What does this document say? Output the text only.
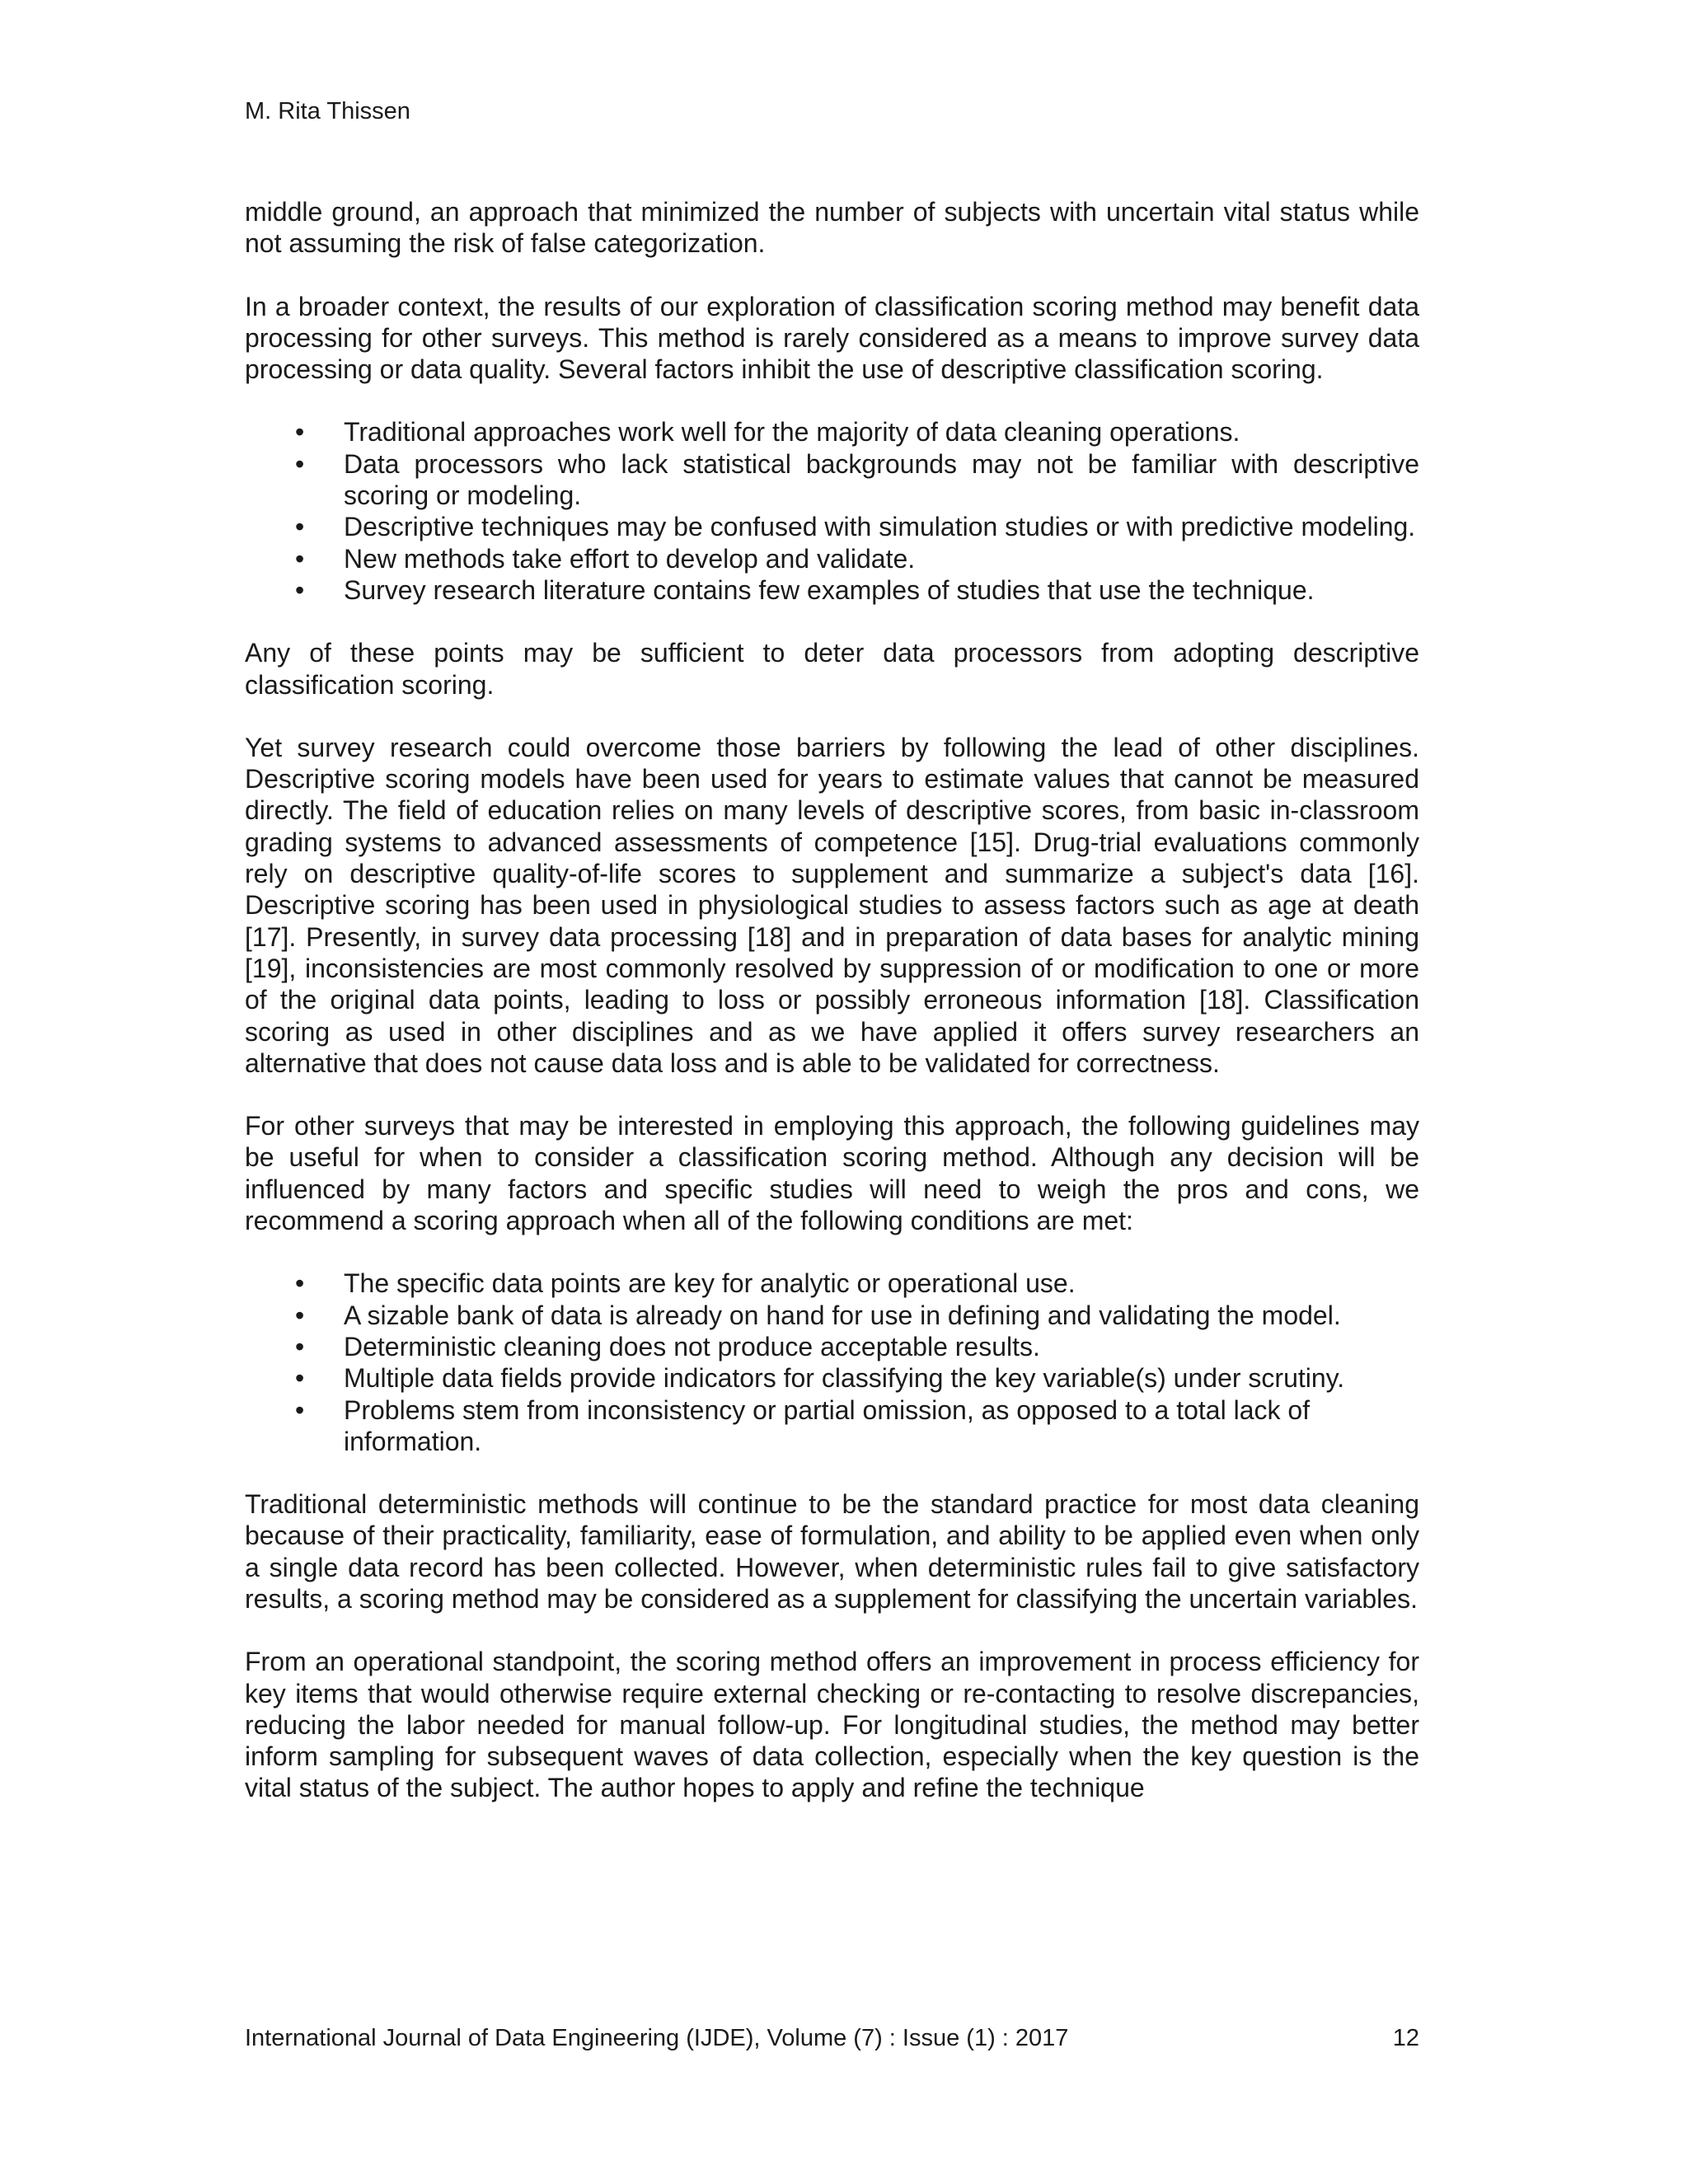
M. Rita Thissen

middle ground, an approach that minimized the number of subjects with uncertain vital status while not assuming the risk of false categorization.

In a broader context, the results of our exploration of classification scoring method may benefit data processing for other surveys. This method is rarely considered as a means to improve survey data processing or data quality. Several factors inhibit the use of descriptive classification scoring.

• Traditional approaches work well for the majority of data cleaning operations.
• Data processors who lack statistical backgrounds may not be familiar with descriptive scoring or modeling.
• Descriptive techniques may be confused with simulation studies or with predictive modeling.
• New methods take effort to develop and validate.
• Survey research literature contains few examples of studies that use the technique.

Any of these points may be sufficient to deter data processors from adopting descriptive classification scoring.

Yet survey research could overcome those barriers by following the lead of other disciplines. Descriptive scoring models have been used for years to estimate values that cannot be measured directly. The field of education relies on many levels of descriptive scores, from basic in-classroom grading systems to advanced assessments of competence [15]. Drug-trial evaluations commonly rely on descriptive quality-of-life scores to supplement and summarize a subject's data [16]. Descriptive scoring has been used in physiological studies to assess factors such as age at death [17]. Presently, in survey data processing [18] and in preparation of data bases for analytic mining [19], inconsistencies are most commonly resolved by suppression of or modification to one or more of the original data points, leading to loss or possibly erroneous information [18]. Classification scoring as used in other disciplines and as we have applied it offers survey researchers an alternative that does not cause data loss and is able to be validated for correctness.

For other surveys that may be interested in employing this approach, the following guidelines may be useful for when to consider a classification scoring method. Although any decision will be influenced by many factors and specific studies will need to weigh the pros and cons, we recommend a scoring approach when all of the following conditions are met:

• The specific data points are key for analytic or operational use.
• A sizable bank of data is already on hand for use in defining and validating the model.
• Deterministic cleaning does not produce acceptable results.
• Multiple data fields provide indicators for classifying the key variable(s) under scrutiny.
• Problems stem from inconsistency or partial omission, as opposed to a total lack of information.

Traditional deterministic methods will continue to be the standard practice for most data cleaning because of their practicality, familiarity, ease of formulation, and ability to be applied even when only a single data record has been collected. However, when deterministic rules fail to give satisfactory results, a scoring method may be considered as a supplement for classifying the uncertain variables.

From an operational standpoint, the scoring method offers an improvement in process efficiency for key items that would otherwise require external checking or re-contacting to resolve discrepancies, reducing the labor needed for manual follow-up. For longitudinal studies, the method may better inform sampling for subsequent waves of data collection, especially when the key question is the vital status of the subject. The author hopes to apply and refine the technique

International Journal of Data Engineering (IJDE), Volume (7) : Issue (1) : 2017	12
